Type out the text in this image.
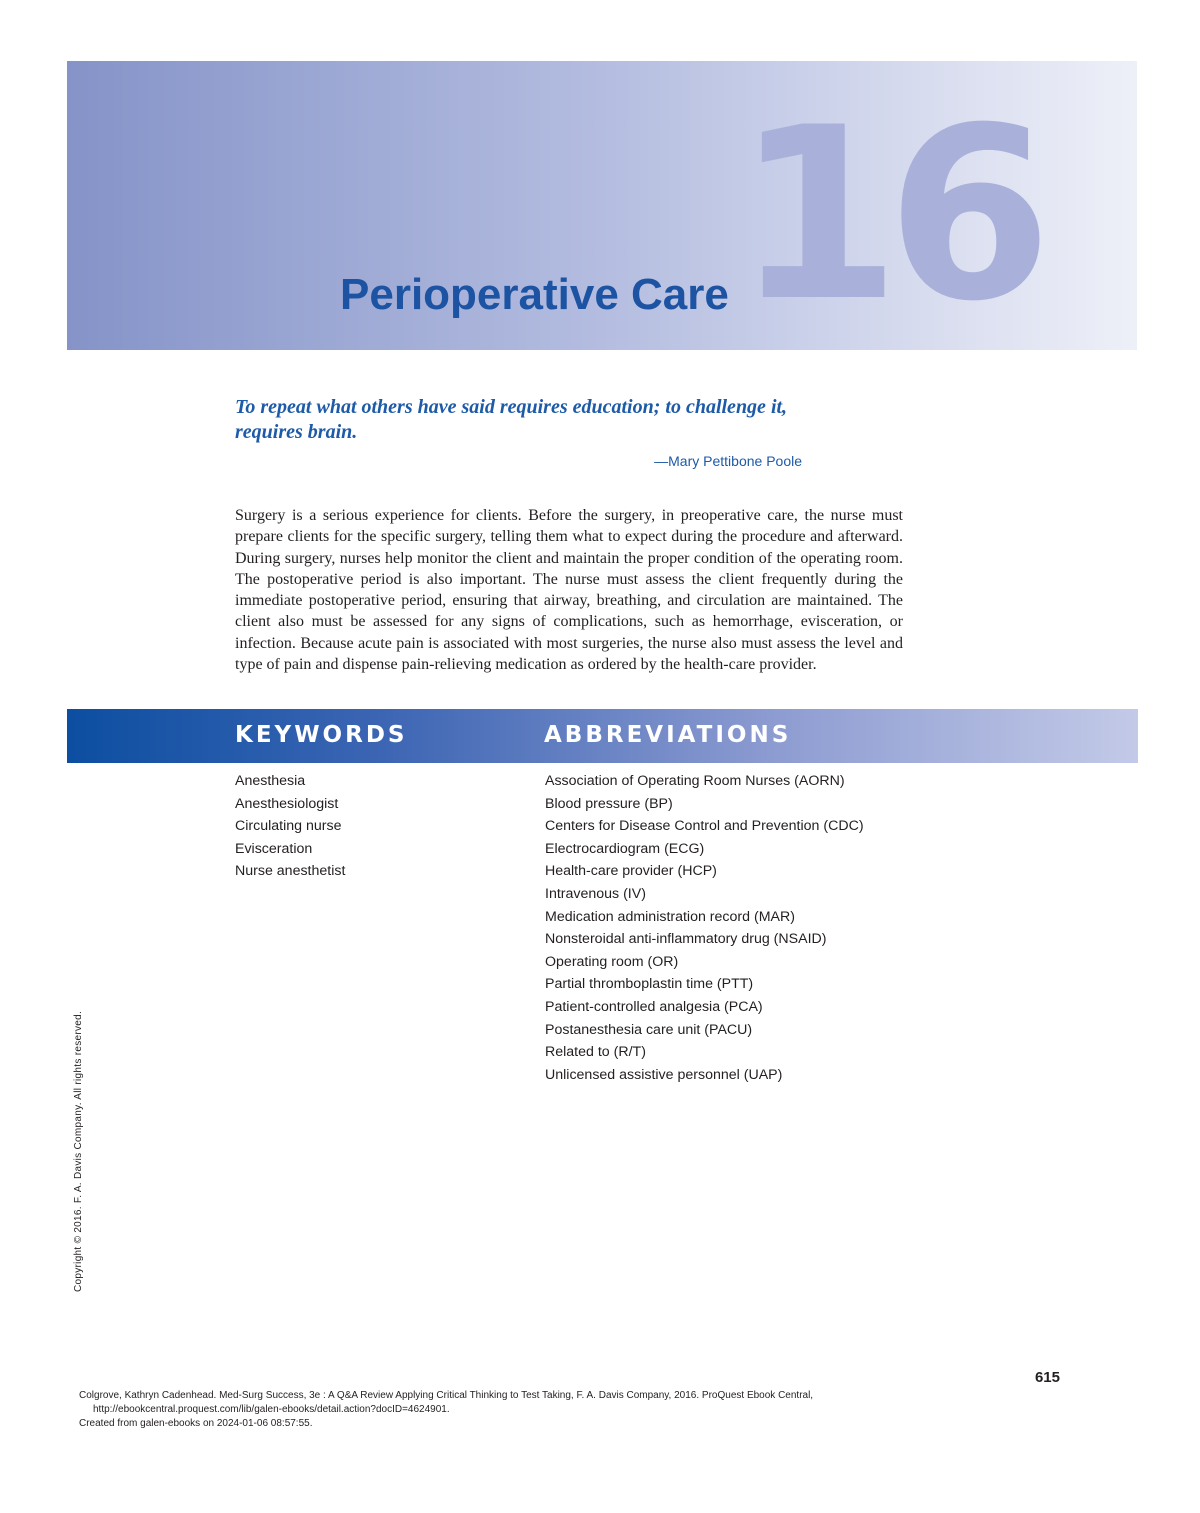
16
Perioperative Care
To repeat what others have said requires education; to challenge it, requires brain.
—Mary Pettibone Poole

Surgery is a serious experience for clients. Before the surgery, in preoperative care, the nurse must prepare clients for the specific surgery, telling them what to expect during the procedure and afterward. During surgery, nurses help monitor the client and maintain the proper condition of the operating room. The postoperative period is also important. The nurse must assess the client frequently during the immediate postoperative period, ensuring that airway, breathing, and circulation are maintained. The client also must be assessed for any signs of complications, such as hemorrhage, evisceration, or infection. Because acute pain is associated with most surgeries, the nurse also must assess the level and type of pain and dispense pain-relieving medication as ordered by the health-care provider.

KEYWORDS	ABBREVIATIONS
Anesthesia
Anesthesiologist
Circulating nurse
Evisceration
Nurse anesthetist
Association of Operating Room Nurses (AORN)
Blood pressure (BP)
Centers for Disease Control and Prevention (CDC)
Electrocardiogram (ECG)
Health-care provider (HCP)
Intravenous (IV)
Medication administration record (MAR)
Nonsteroidal anti-inflammatory drug (NSAID)
Operating room (OR)
Partial thromboplastin time (PTT)
Patient-controlled analgesia (PCA)
Postanesthesia care unit (PACU)
Related to (R/T)
Unlicensed assistive personnel (UAP)
Copyright © 2016. F. A. Davis Company. All rights reserved.
615
Colgrove, Kathryn Cadenhead. Med-Surg Success, 3e : A Q&A Review Applying Critical Thinking to Test Taking, F. A. Davis Company, 2016. ProQuest Ebook Central,
http://ebookcentral.proquest.com/lib/galen-ebooks/detail.action?docID=4624901.
Created from galen-ebooks on 2024-01-06 08:57:55.
